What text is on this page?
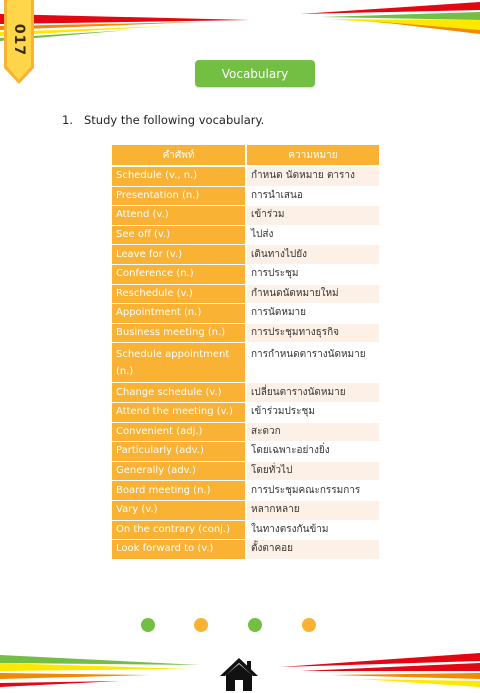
017
Vocabulary
1. Study the following vocabulary.
คำศัพท์	ความหมาย
Schedule (v., n.)	กำหนด นัดหมาย ตาราง
Presentation (n.)	การนำเสนอ
Attend (v.)	เข้าร่วม
See off (v.)	ไปส่ง
Leave for (v.)	เดินทางไปยัง
Conference (n.)	การประชุม
Reschedule (v.)	กำหนดนัดหมายใหม่
Appointment (n.)	การนัดหมาย
Business meeting (n.)	การประชุมทางธุรกิจ
Schedule appointment (n.)	การกำหนดตารางนัดหมาย
Change schedule (v.)	เปลี่ยนตารางนัดหมาย
Attend the meeting (v.)	เข้าร่วมประชุม
Convenient (adj.)	สะดวก
Particularly (adv.)	โดยเฉพาะอย่างยิ่ง
Generally (adv.)	โดยทั่วไป
Board meeting (n.)	การประชุมคณะกรรมการ
Vary (v.)	หลากหลาย
On the contrary (conj.)	ในทางตรงกันข้าม
Look forward to (v.)	ตั้งตาคอย
